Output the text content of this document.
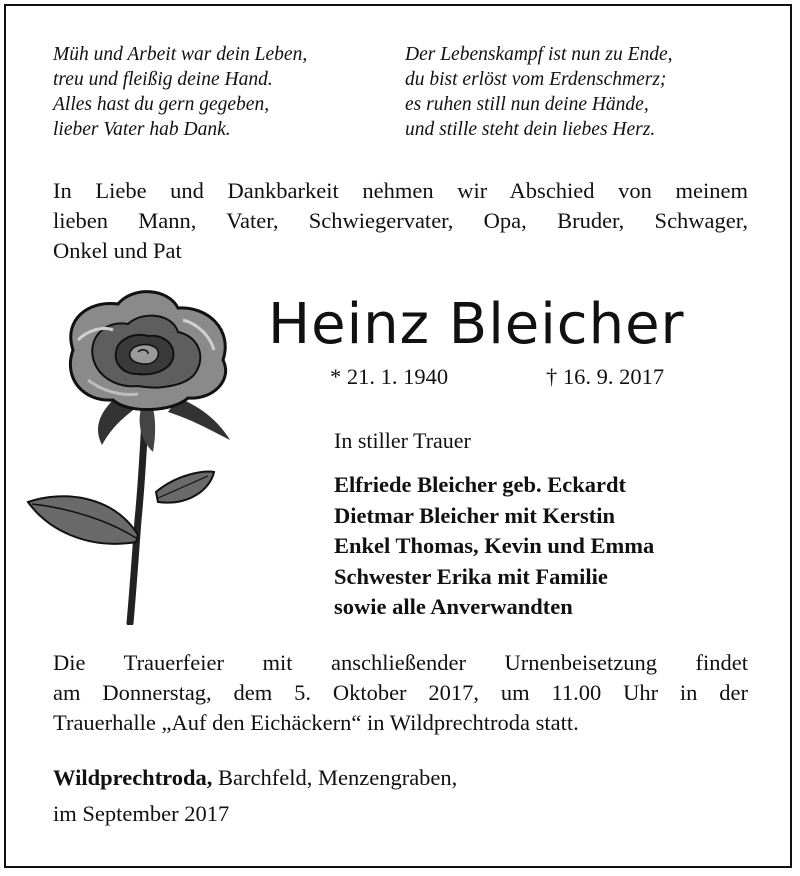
Müh und Arbeit war dein Leben,
treu und fleißig deine Hand.
Alles hast du gern gegeben,
lieber Vater hab Dank.
Der Lebenskampf ist nun zu Ende,
du bist erlöst vom Erdenschmerz;
es ruhen still nun deine Hände,
und stille steht dein liebes Herz.
In Liebe und Dankbarkeit nehmen wir Abschied von meinem
lieben Mann, Vater, Schwiegervater, Opa, Bruder, Schwager,
Onkel und Pat
Heinz Bleicher
* 21. 1. 1940	† 16. 9. 2017
In stiller Trauer
Elfriede Bleicher geb. Eckardt
Dietmar Bleicher mit Kerstin
Enkel Thomas, Kevin und Emma
Schwester Erika mit Familie
sowie alle Anverwandten
Die Trauerfeier mit anschließender Urnenbeisetzung findet
am Donnerstag, dem 5. Oktober 2017, um 11.00 Uhr in der
Trauerhalle „Auf den Eichäckern“ in Wildprechtroda statt.
Wildprechtroda, Barchfeld, Menzengraben,
im September 2017
